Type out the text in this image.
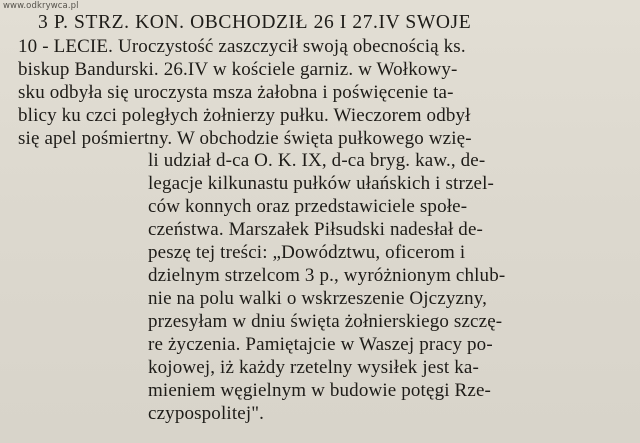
www.odkrywca.pl
3 P. STRZ. KON. OBCHODZIŁ 26 I 27.IV SWOJE
10 - LECIE. Uroczystość zaszczycił swoją obecnością ks.
biskup Bandurski. 26.IV w kościele garniz. w Wołkowy-
sku odbyła się uroczysta msza żałobna i poświęcenie ta-
blicy ku czci poległych żołnierzy pułku. Wieczorem odbył
się apel pośmiertny. W obchodzie święta pułkowego wzię-
li udział d-ca O. K. IX, d-ca bryg. kaw., de-
legacje kilkunastu pułków ułańskich i strzel-
ców konnych oraz przedstawiciele społe-
czeństwa. Marszałek Piłsudski nadesłał de-
peszę tej treści: „Dowództwu, oficerom i
dzielnym strzelcom 3 p., wyróżnionym chlub-
nie na polu walki o wskrzeszenie Ojczyzny,
przesyłam w dniu święta żołnierskiego szczę-
re życzenia. Pamiętajcie w Waszej pracy po-
kojowej, iż każdy rzetelny wysiłek jest ka-
mieniem węgielnym w budowie potęgi Rze-
czypospolitej".
